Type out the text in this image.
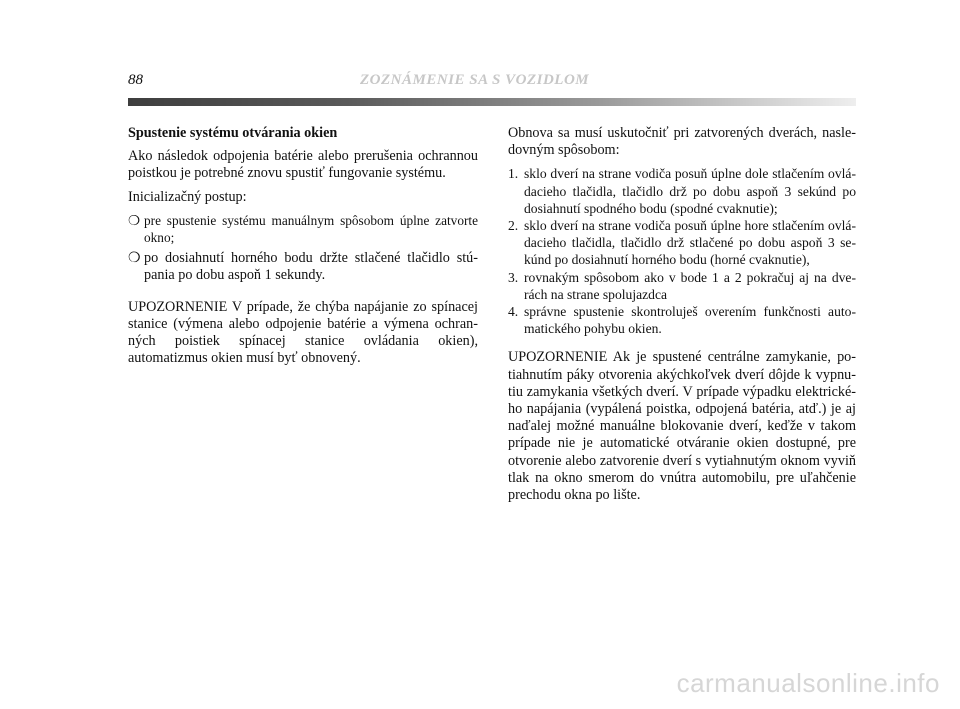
88	ZOZNÁMENIE SA S VOZIDLOM

Spustenie systému otvárania okien

Ako následok odpojenia batérie alebo prerušenia ochrannou poistkou je potrebné znovu spustiť fungovanie systému.

Inicializačný postup:

❍ pre spustenie systému manuálnym spôsobom úplne zatvorte okno;
❍ po dosiahnutí horného bodu držte stlačené tlačidlo stúpania po dobu aspoň 1 sekundy.

UPOZORNENIE V prípade, že chýba napájanie zo spínacej stanice (výmena alebo odpojenie batérie a výmena ochranných poistiek spínacej stanice ovládania okien), automatizmus okien musí byť obnovený.

Obnova sa musí uskutočniť pri zatvorených dverách, nasledovným spôsobom:

1. sklo dverí na strane vodiča posuň úplne dole stlačením ovládacieho tlačidla, tlačidlo drž po dobu aspoň 3 sekúnd po dosiahnutí spodného bodu (spodné cvaknutie);
2. sklo dverí na strane vodiča posuň úplne hore stlačením ovládacieho tlačidla, tlačidlo drž stlačené po dobu aspoň 3 sekúnd po dosiahnutí horného bodu (horné cvaknutie),
3. rovnakým spôsobom ako v bode 1 a 2 pokračuj aj na dverách na strane spolujazdca
4. správne spustenie skontroluješ overením funkčnosti automatického pohybu okien.

UPOZORNENIE Ak je spustené centrálne zamykanie, potiahnutím páky otvorenia akýchkoľvek dverí dôjde k vypnutiu zamykania všetkých dverí. V prípade výpadku elektrického napájania (vypálená poistka, odpojená batéria, atď.) je aj naďalej možné manuálne blokovanie dverí, keďže v takom prípade nie je automatické otváranie okien dostupné, pre otvorenie alebo zatvorenie dverí s vytiahnutým oknom vyviň tlak na okno smerom do vnútra automobilu, pre uľahčenie prechodu okna po lište.

carmanualsonline.info
